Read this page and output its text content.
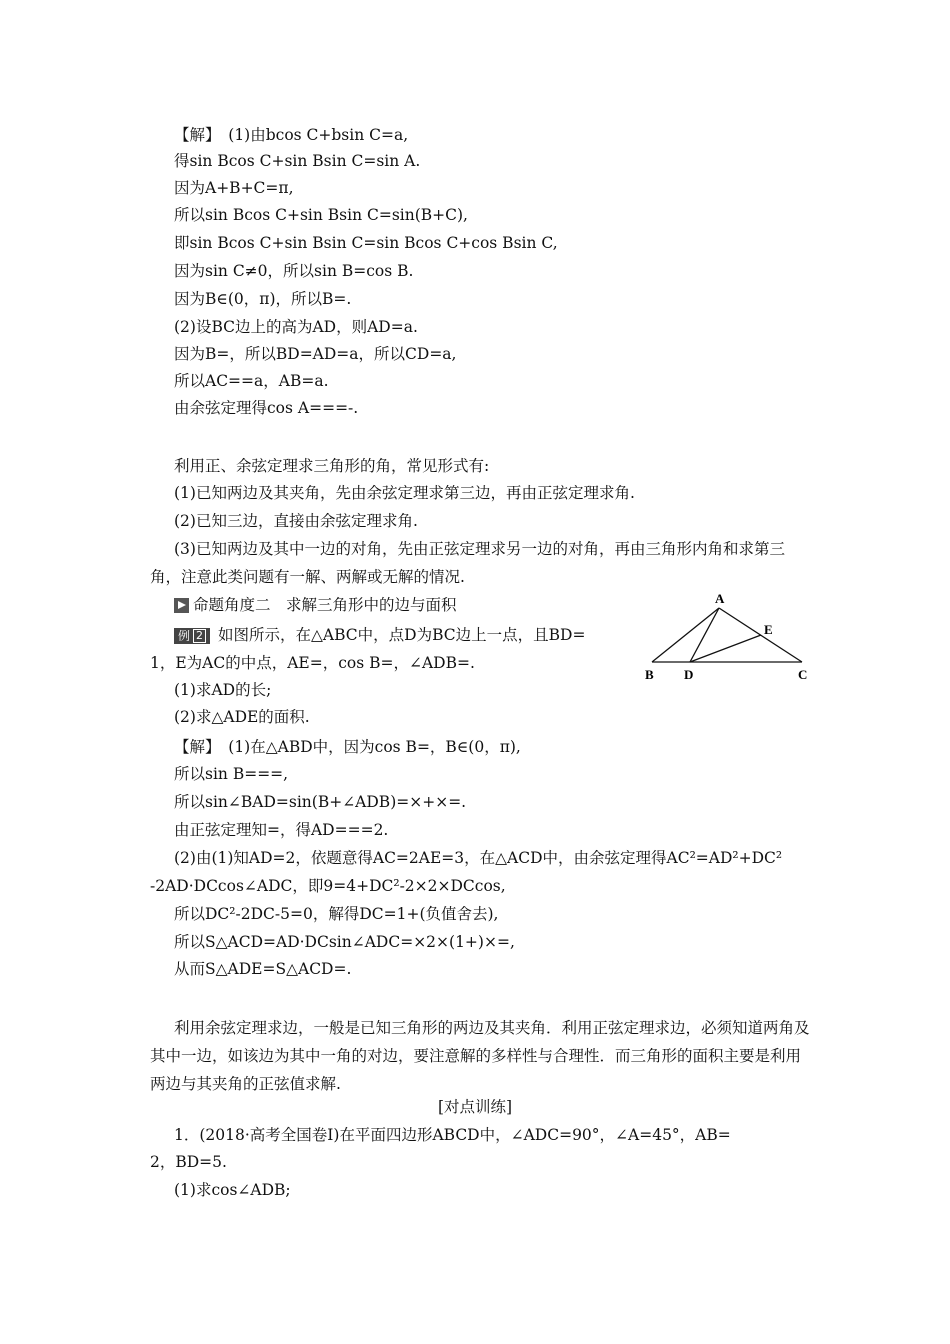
【解】　(1)由bcos C+bsin C=a,
得sin Bcos C+sin Bsin C=sin A.
因为A+B+C=π,
所以sin Bcos C+sin Bsin C=sin(B+C),
即sin Bcos C+sin Bsin C=sin Bcos C+cos Bsin C,
因为sin C≠0，所以sin B=cos B.
因为B∈(0，π)，所以B=.
(2)设BC边上的高为AD，则AD=a.
因为B=，所以BD=AD=a，所以CD=a,
所以AC==a，AB=a.
由余弦定理得cos A===-.
利用正、余弦定理求三角形的角，常见形式有:
(1)已知两边及其夹角，先由余弦定理求第三边，再由正弦定理求角.
(2)已知三边，直接由余弦定理求角.
(3)已知两边及其中一边的对角，先由正弦定理求另一边的对角，再由三角形内角和求第三角，注意此类问题有一解、两解或无解的情况.
命题角度二　求解三角形中的边与面积
例 2 如图所示，在△ABC中，点D为BC边上一点，且BD=
1，E为AC的中点，AE=，cos B=，∠ADB=.
(1)求AD的长;
(2)求△ADE的面积.
A
B D	C
E
【解】　(1)在△ABD中，因为cos B=，B∈(0，π),
所以sin B===,
所以sin∠BAD=sin(B+∠ADB)=×+×=.
由正弦定理知=，得AD===2.
(2)由(1)知AD=2，依题意得AC=2AE=3，在△ACD中，由余弦定理得AC²=AD²+DC²
-2AD·DCcos∠ADC，即9=4+DC²-2×2×DCcos,
所以DC²-2DC-5=0，解得DC=1+(负值舍去),
所以S△ACD=AD·DCsin∠ADC=×2×(1+)×=,
从而S△ADE=S△ACD=.
利用余弦定理求边，一般是已知三角形的两边及其夹角．利用正弦定理求边，必须知道两角及其中一边，如该边为其中一角的对边，要注意解的多样性与合理性．而三角形的面积主要是利用两边与其夹角的正弦值求解.
[对点训练]
1．(2018·高考全国卷Ⅰ)在平面四边形ABCD中，∠ADC=90°，∠A=45°，AB=
2，BD=5.
(1)求cos∠ADB;
